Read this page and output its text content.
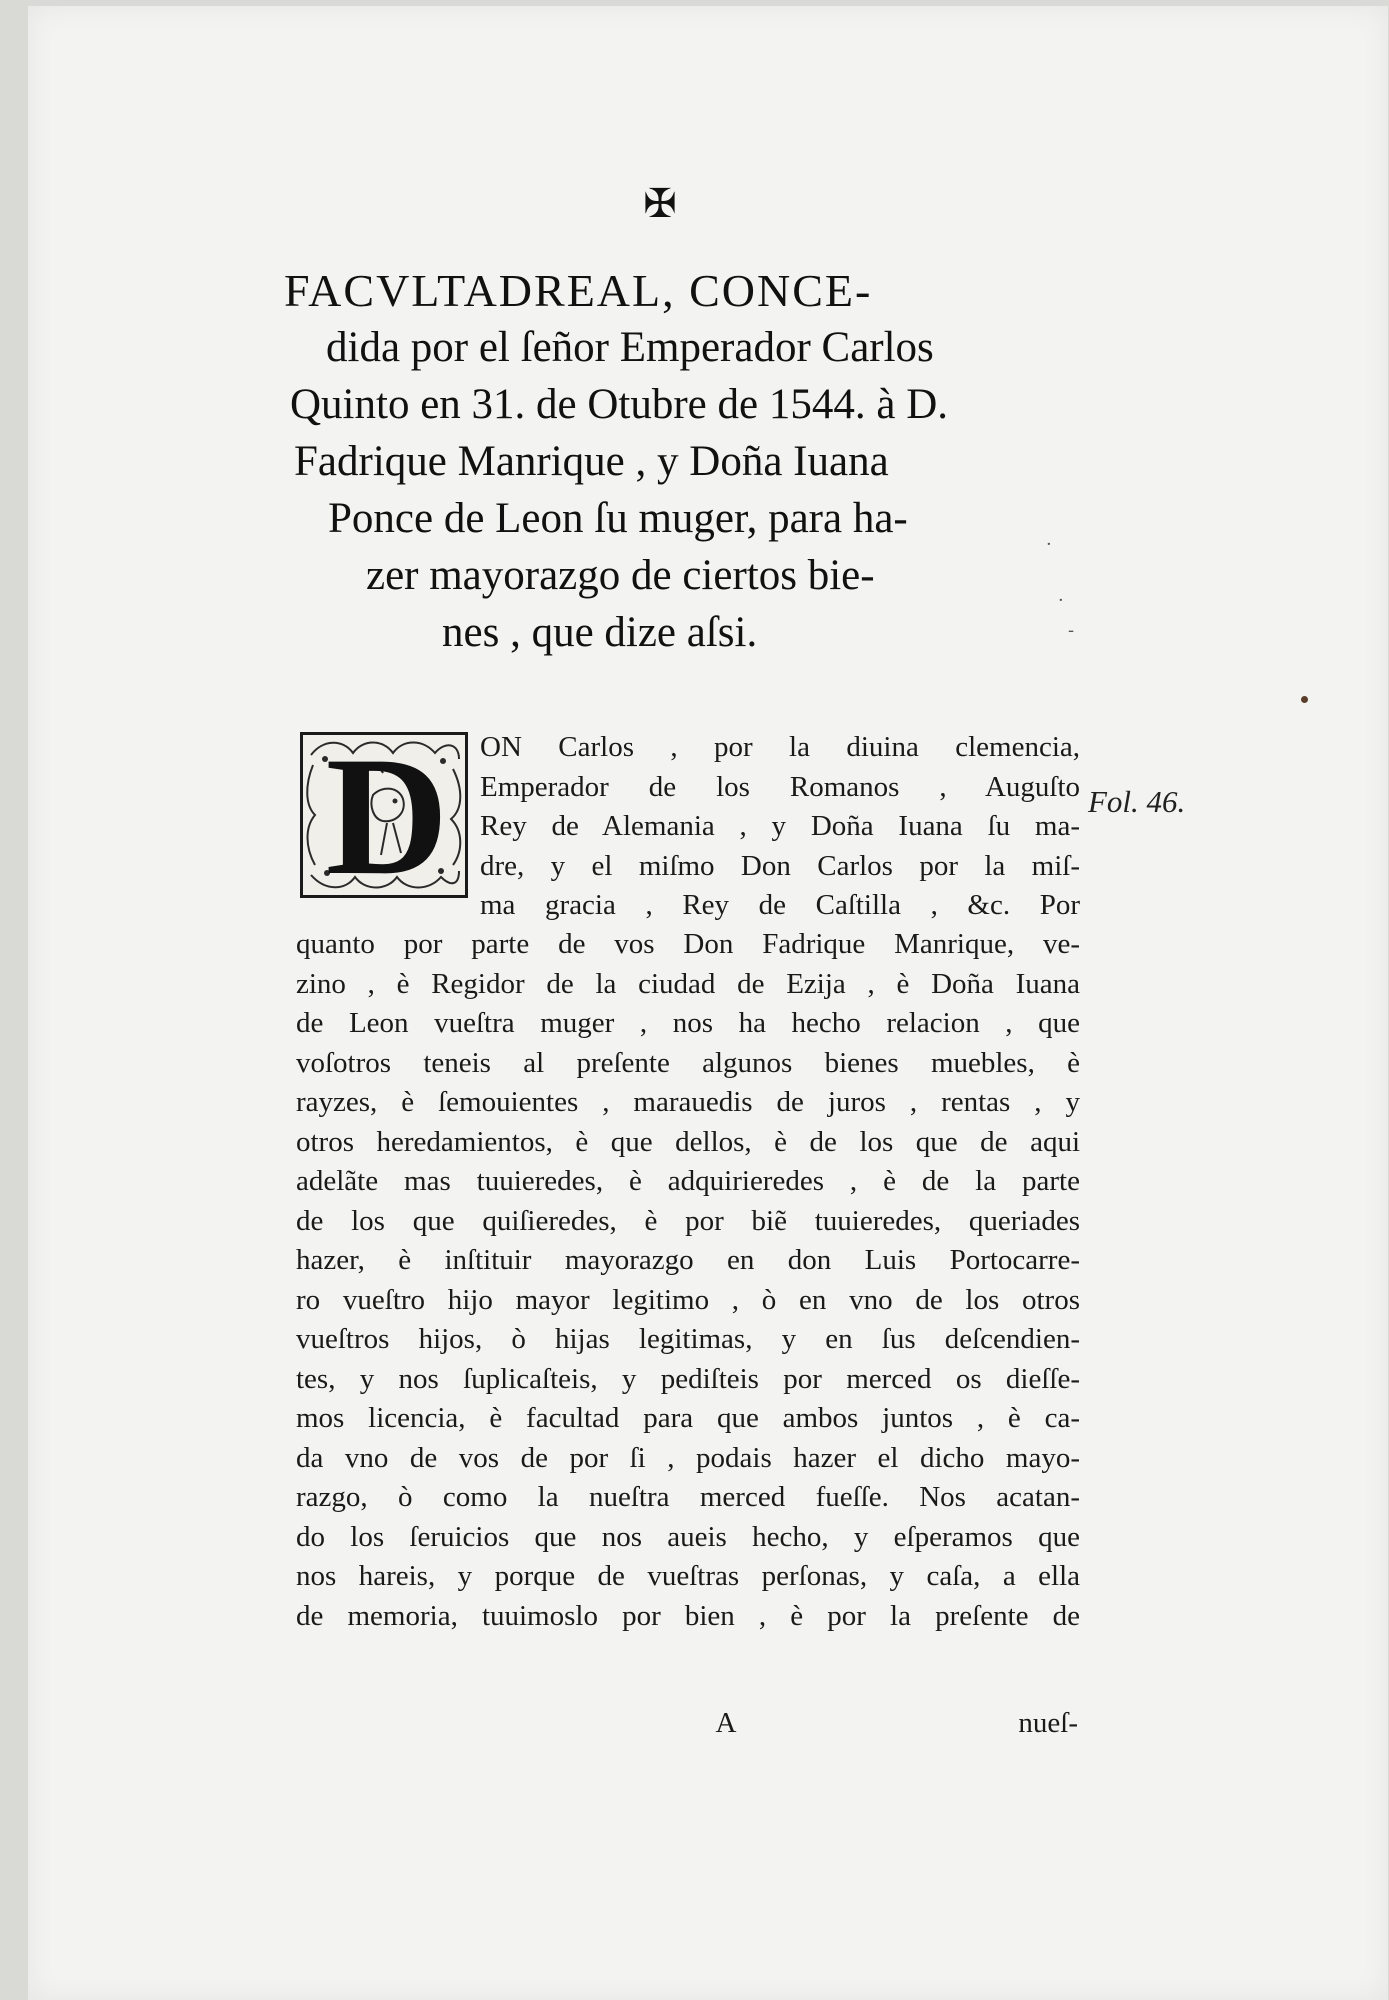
✠
FACVLTADREAL, CONCE-
dida por el ſeñor Emperador Carlos
Quinto en 31. de Otubre de 1544. à D.
Fadrique Manrique , y Doña Iuana
Ponce de Leon ſu muger, para ha-
zer mayorazgo de ciertos bie-
nes , que dize aſsi.
D ON Carlos , por la diuina clemencia,
Emperador de los Romanos , Auguſto
Rey de Alemania , y Doña Iuana ſu ma-
dre, y el miſmo Don Carlos por la miſ-
ma gracia , Rey de Caſtilla , &c. Por
quanto por parte de vos Don Fadrique Manrique, ve-
zino , è Regidor de la ciudad de Ezija , è Doña Iuana
de Leon vueſtra muger , nos ha hecho relacion , que
voſotros teneis al preſente algunos bienes muebles, è
rayzes, è ſemouientes , marauedis de juros , rentas , y
otros heredamientos, è que dellos, è de los que de aqui
adelãte mas tuuieredes, è adquirieredes , è de la parte
de los que quiſieredes, è por biẽ tuuieredes, queriades
hazer, è inſtituir mayorazgo en don Luis Portocarre-
ro vueſtro hijo mayor legitimo , ò en vno de los otros
vueſtros hijos, ò hijas legitimas, y en ſus deſcendien-
tes, y nos ſuplicaſteis, y pediſteis por merced os dieſſe-
mos licencia, è facultad para que ambos juntos , è ca-
da vno de vos de por ſi , podais hazer el dicho mayo-
razgo, ò como la nueſtra merced fueſſe. Nos acatan-
do los ſeruicios que nos aueis hecho, y eſperamos que
nos hareis, y porque de vueſtras perſonas, y caſa, a ella
de memoria, tuuimoslo por bien , è por la preſente de
A	nueſ-
Fol. 46.
·
·
-
